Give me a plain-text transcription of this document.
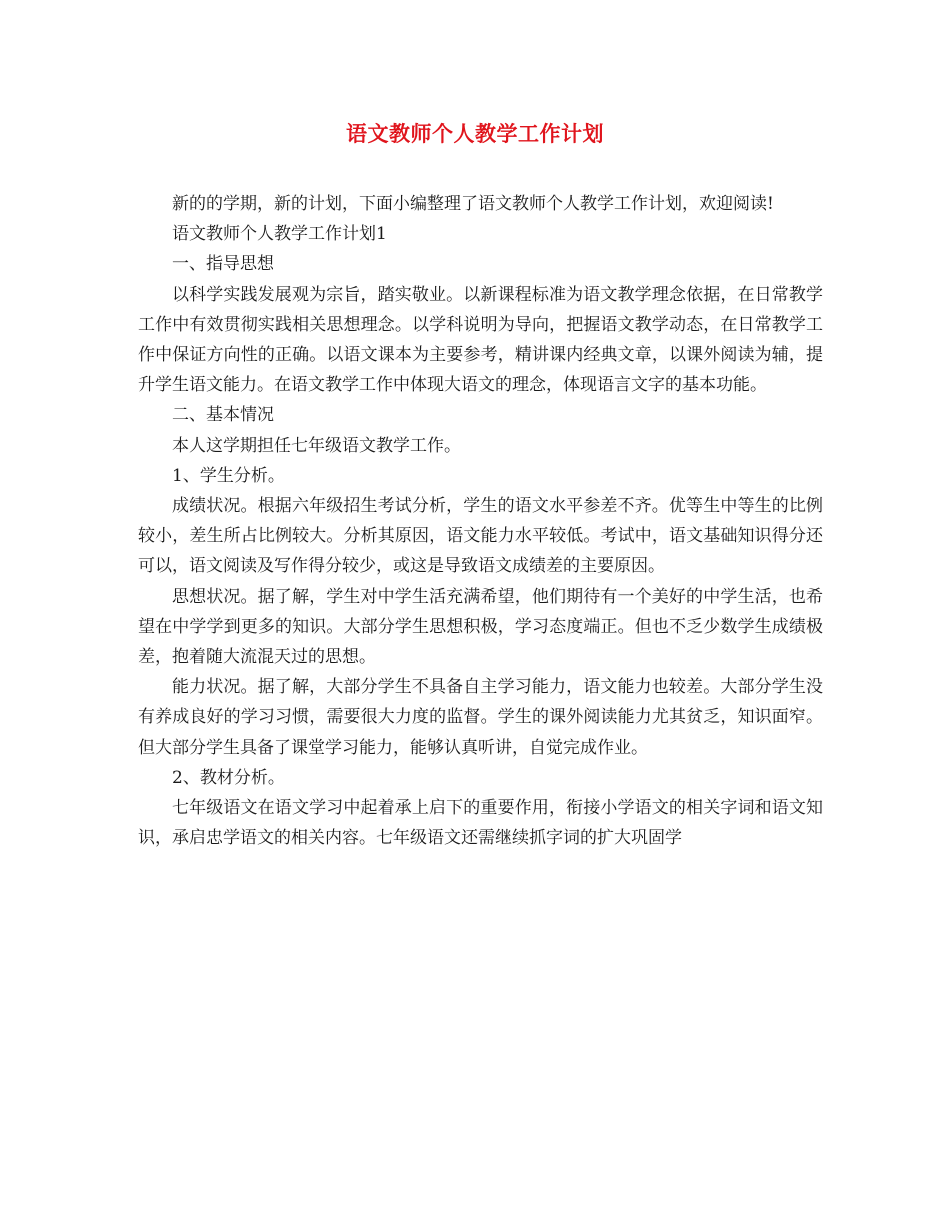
语文教师个人教学工作计划

新的的学期，新的计划，下面小编整理了语文教师个人教学工作计划，欢迎阅读!

语文教师个人教学工作计划1

一、指导思想

以科学实践发展观为宗旨，踏实敬业。以新课程标准为语文教学理念依据，在日常教学工作中有效贯彻实践相关思想理念。以学科说明为导向，把握语文教学动态，在日常教学工作中保证方向性的正确。以语文课本为主要参考，精讲课内经典文章，以课外阅读为辅，提升学生语文能力。在语文教学工作中体现大语文的理念，体现语言文字的基本功能。

二、基本情况

本人这学期担任七年级语文教学工作。

1、学生分析。

成绩状况。根据六年级招生考试分析，学生的语文水平参差不齐。优等生中等生的比例较小，差生所占比例较大。分析其原因，语文能力水平较低。考试中，语文基础知识得分还可以，语文阅读及写作得分较少，或这是导致语文成绩差的主要原因。

思想状况。据了解，学生对中学生活充满希望，他们期待有一个美好的中学生活，也希望在中学学到更多的知识。大部分学生思想积极，学习态度端正。但也不乏少数学生成绩极差，抱着随大流混天过的思想。

能力状况。据了解，大部分学生不具备自主学习能力，语文能力也较差。大部分学生没有养成良好的学习习惯，需要很大力度的监督。学生的课外阅读能力尤其贫乏，知识面窄。但大部分学生具备了课堂学习能力，能够认真听讲，自觉完成作业。

2、教材分析。

七年级语文在语文学习中起着承上启下的重要作用，衔接小学语文的相关字词和语文知识，承启忠学语文的相关内容。七年级语文还需继续抓字词的扩大巩固学
